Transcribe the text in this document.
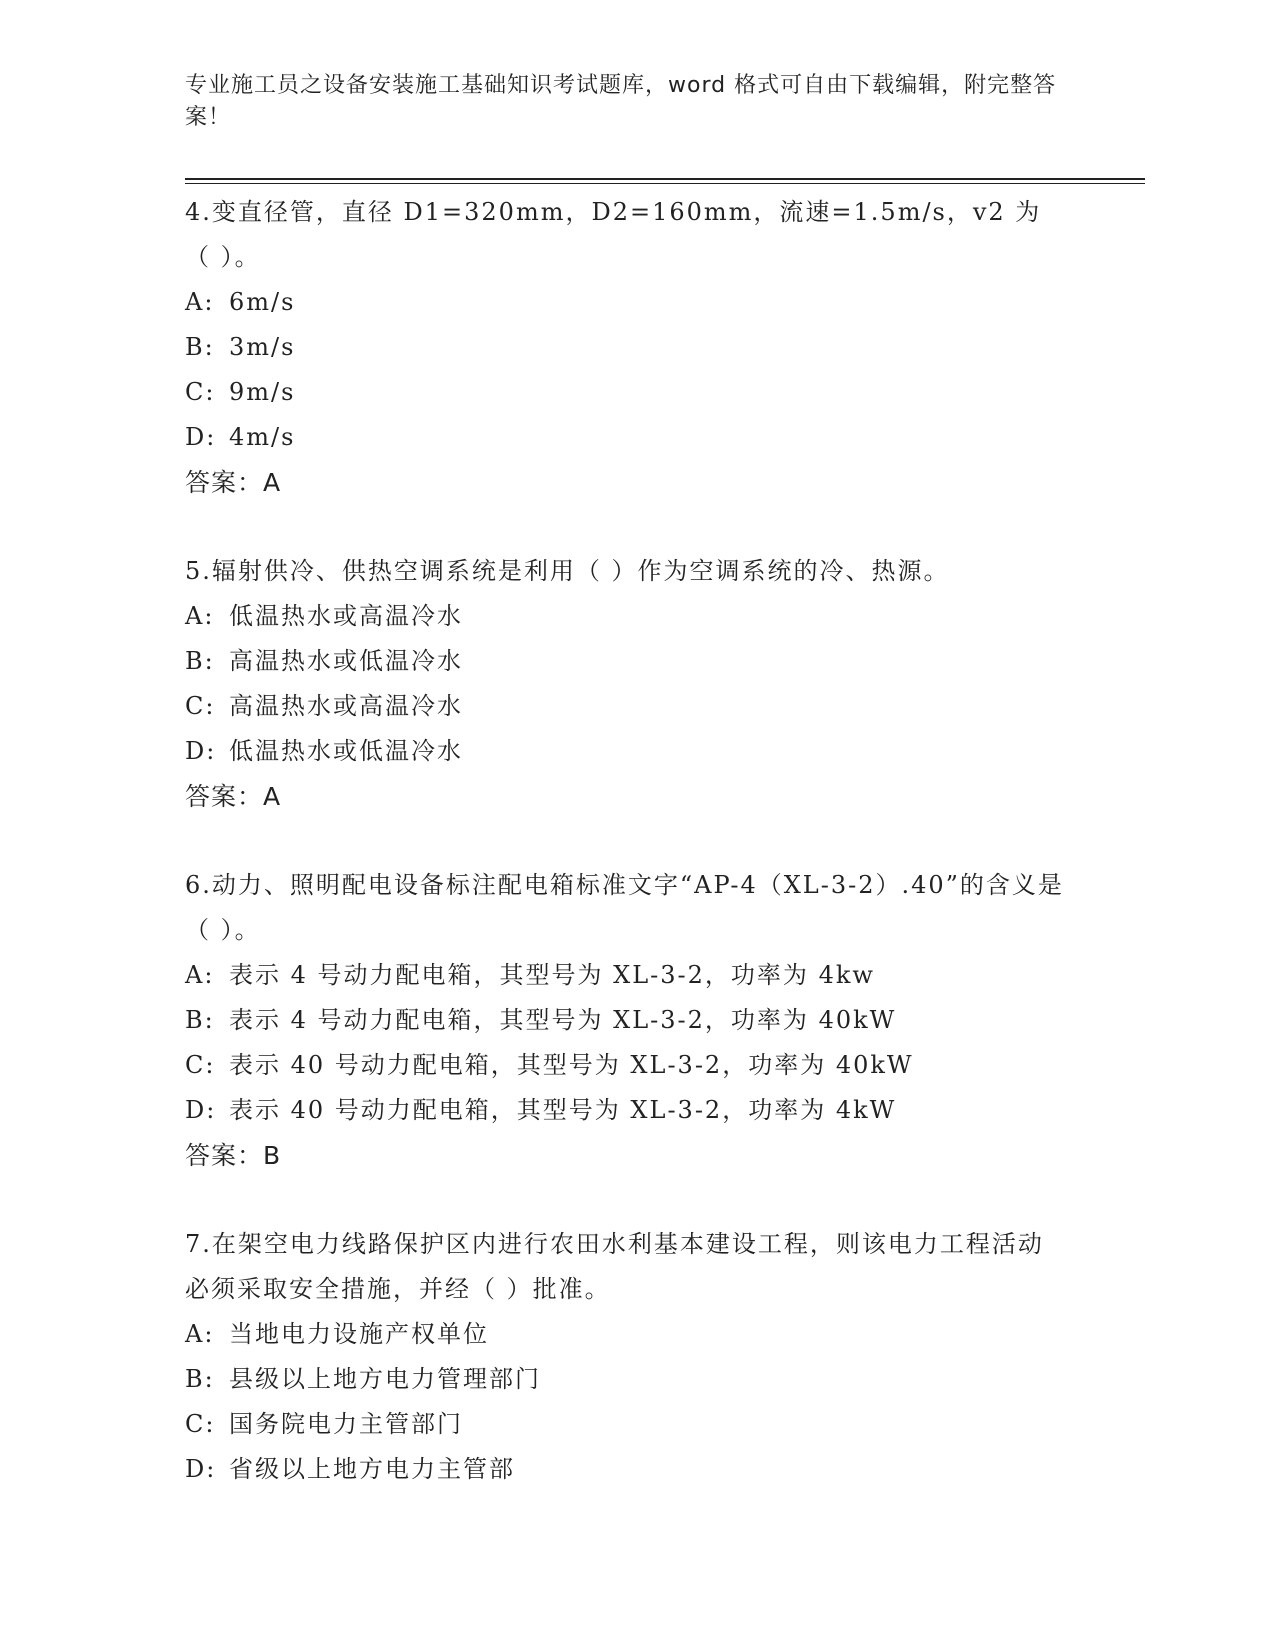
专业施工员之设备安装施工基础知识考试题库，word 格式可自由下载编辑，附完整答案！

4.变直径管，直径 D1=320mm，D2=160mm，流速=1.5m/s，v2 为（ ）。

A: 6m/s

B: 3m/s

C: 9m/s

D: 4m/s

答案：A

5.辐射供冷、供热空调系统是利用（ ）作为空调系统的冷、热源。

A: 低温热水或高温冷水

B: 高温热水或低温冷水

C: 高温热水或高温冷水

D: 低温热水或低温冷水

答案：A

6.动力、照明配电设备标注配电箱标准文字“AP-4（XL-3-2）.40”的含义是（ ）。

A: 表示 4 号动力配电箱，其型号为 XL-3-2，功率为 4kw

B: 表示 4 号动力配电箱，其型号为 XL-3-2，功率为 40kW

C: 表示 40 号动力配电箱，其型号为 XL-3-2，功率为 40kW

D: 表示 40 号动力配电箱，其型号为 XL-3-2，功率为 4kW

答案：B

7.在架空电力线路保护区内进行农田水利基本建设工程，则该电力工程活动必须采取安全措施，并经（ ）批准。

A: 当地电力设施产权单位

B: 县级以上地方电力管理部门

C: 国务院电力主管部门

D: 省级以上地方电力主管部
